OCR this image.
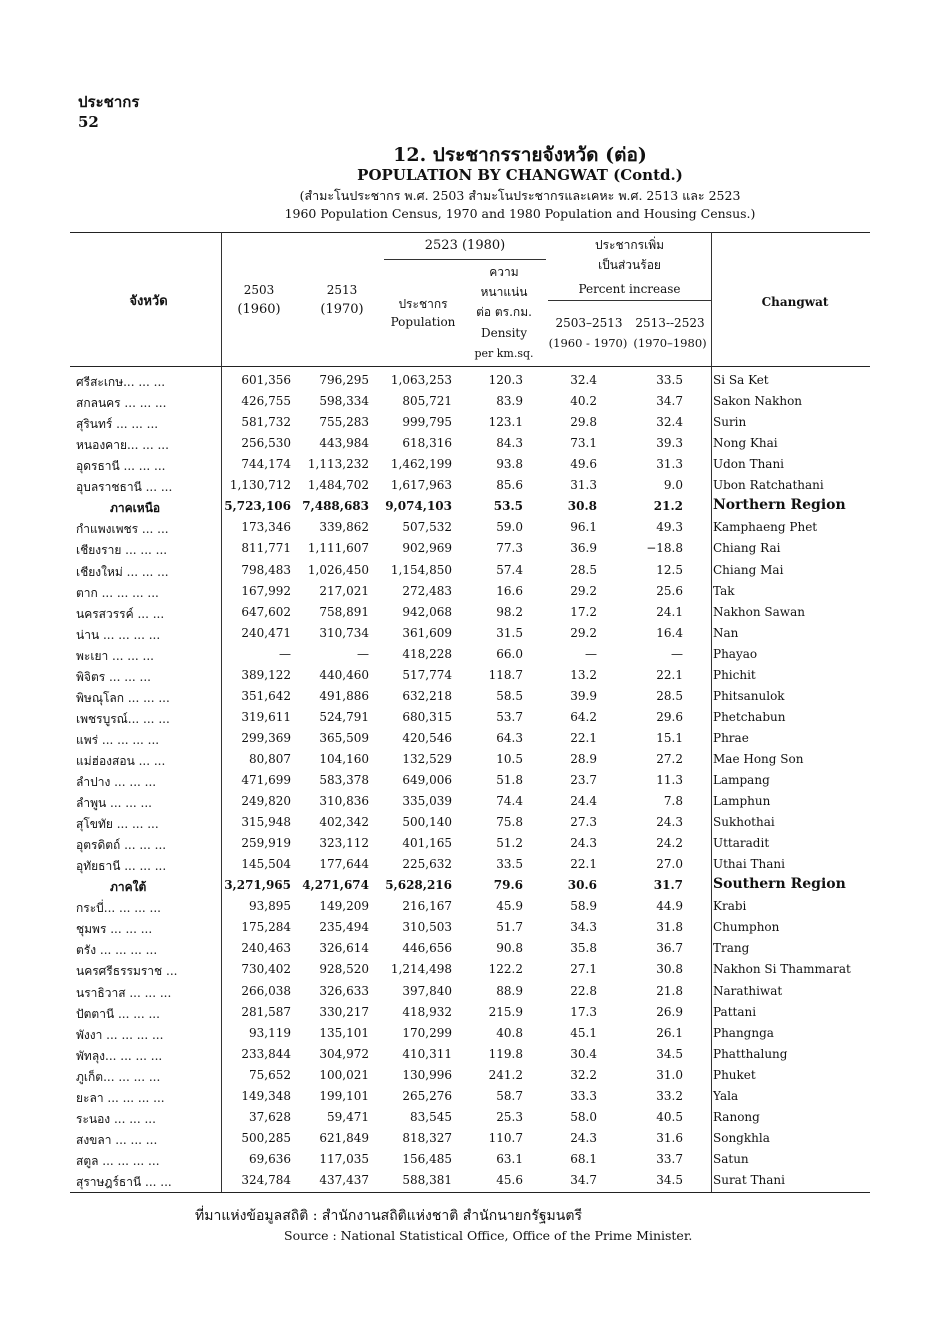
ประชากร
52
12. ประชากรรายจังหวัด (ต่อ)
POPULATION BY CHANGWAT (Contd.)
(สำมะโนประชากร พ.ศ. 2503 สำมะโนประชากรและเคหะ พ.ศ. 2513 และ 2523
1960 Population Census, 1970 and 1980 Population and Housing Census.)
จังหวัด
2503
(1960)
2513
(1970)
2523 (1980)
ประชากร
Population
ความ
หนาแน่น
ต่อ ตร.กม.
Density
per km.sq.
ประชากรเพิ่ม
เป็นส่วนร้อย
Percent increase
2503–2513
(1960 - 1970)
2513--2523
(1970–1980)
Changwat
ศรีสะเกษ... ... ...	601,356	796,295	1,063,253	120.3	32.4	33.5	Si Sa Ket
สกลนคร ... ... ...	426,755	598,334	805,721	83.9	40.2	34.7	Sakon Nakhon
สุรินทร์ ... ... ...	581,732	755,283	999,795	123.1	29.8	32.4	Surin
หนองคาย... ... ...	256,530	443,984	618,316	84.3	73.1	39.3	Nong Khai
อุดรธานี ... ... ...	744,174	1,113,232	1,462,199	93.8	49.6	31.3	Udon Thani
อุบลราชธานี ... ...	1,130,712	1,484,702	1,617,963	85.6	31.3	9.0	Ubon Ratchathani
ภาคเหนือ	5,723,106 7,488,683 9,074,103	53.5	30.8	21.2 Northern Region
กำแพงเพชร ... ...	173,346	339,862	507,532	59.0	96.1	49.3	Kamphaeng Phet
เชียงราย ... ... ...	811,771	1,111,607	902,969	77.3	36.9	−18.8	Chiang Rai
เชียงใหม่ ... ... ...	798,483	1,026,450	1,154,850	57.4	28.5	12.5	Chiang Mai
ตาก ... ... ... ...	167,992	217,021	272,483	16.6	29.2	25.6	Tak
นครสวรรค์ ... ...	647,602	758,891	942,068	98.2	17.2	24.1	Nakhon Sawan
น่าน ... ... ... ...	240,471	310,734	361,609	31.5	29.2	16.4	Nan
พะเยา ... ... ...	—	—	418,228	66.0	—	—	Phayao
พิจิตร ... ... ...	389,122	440,460	517,774	118.7	13.2	22.1	Phichit
พิษณุโลก ... ... ...	351,642	491,886	632,218	58.5	39.9	28.5	Phitsanulok
เพชรบูรณ์... ... ...	319,611	524,791	680,315	53.7	64.2	29.6	Phetchabun
แพร่ ... ... ... ...	299,369	365,509	420,546	64.3	22.1	15.1	Phrae
แม่ฮ่องสอน ... ...	80,807	104,160	132,529	10.5	28.9	27.2	Mae Hong Son
ลำปาง ... ... ...	471,699	583,378	649,006	51.8	23.7	11.3	Lampang
ลำพูน ... ... ...	249,820	310,836	335,039	74.4	24.4	7.8	Lamphun
สุโขทัย ... ... ...	315,948	402,342	500,140	75.8	27.3	24.3	Sukhothai
อุตรดิตถ์ ... ... ...	259,919	323,112	401,165	51.2	24.3	24.2	Uttaradit
อุทัยธานี ... ... ...	145,504	177,644	225,632	33.5	22.1	27.0	Uthai Thani
ภาคใต้	3,271,965 4,271,674 5,628,216	79.6	30.6	31.7 Southern Region
กระบี่... ... ... ...	93,895	149,209	216,167	45.9	58.9	44.9	Krabi
ชุมพร ... ... ...	175,284	235,494	310,503	51.7	34.3	31.8	Chumphon
ตรัง ... ... ... ...	240,463	326,614	446,656	90.8	35.8	36.7	Trang
นครศรีธรรมราช ...	730,402	928,520	1,214,498	122.2	27.1	30.8	Nakhon Si Thammarat
นราธิวาส ... ... ...	266,038	326,633	397,840	88.9	22.8	21.8	Narathiwat
ปัตตานี ... ... ...	281,587	330,217	418,932	215.9	17.3	26.9	Pattani
พังงา ... ... ... ...	93,119	135,101	170,299	40.8	45.1	26.1	Phangnga
พัทลุง... ... ... ...	233,844	304,972	410,311	119.8	30.4	34.5	Phatthalung
ภูเก็ต... ... ... ...	75,652	100,021	130,996	241.2	32.2	31.0	Phuket
ยะลา ... ... ... ...	149,348	199,101	265,276	58.7	33.3	33.2	Yala
ระนอง ... ... ...	37,628	59,471	83,545	25.3	58.0	40.5	Ranong
สงขลา ... ... ...	500,285	621,849	818,327	110.7	24.3	31.6	Songkhla
สตูล ... ... ... ...	69,636	117,035	156,485	63.1	68.1	33.7	Satun
สุราษฎร์ธานี ... ...	324,784	437,437	588,381	45.6	34.7	34.5	Surat Thani
ที่มาแห่งข้อมูลสถิติ : สำนักงานสถิติแห่งชาติ สำนักนายกรัฐมนตรี
Source : National Statistical Office, Office of the Prime Minister.
